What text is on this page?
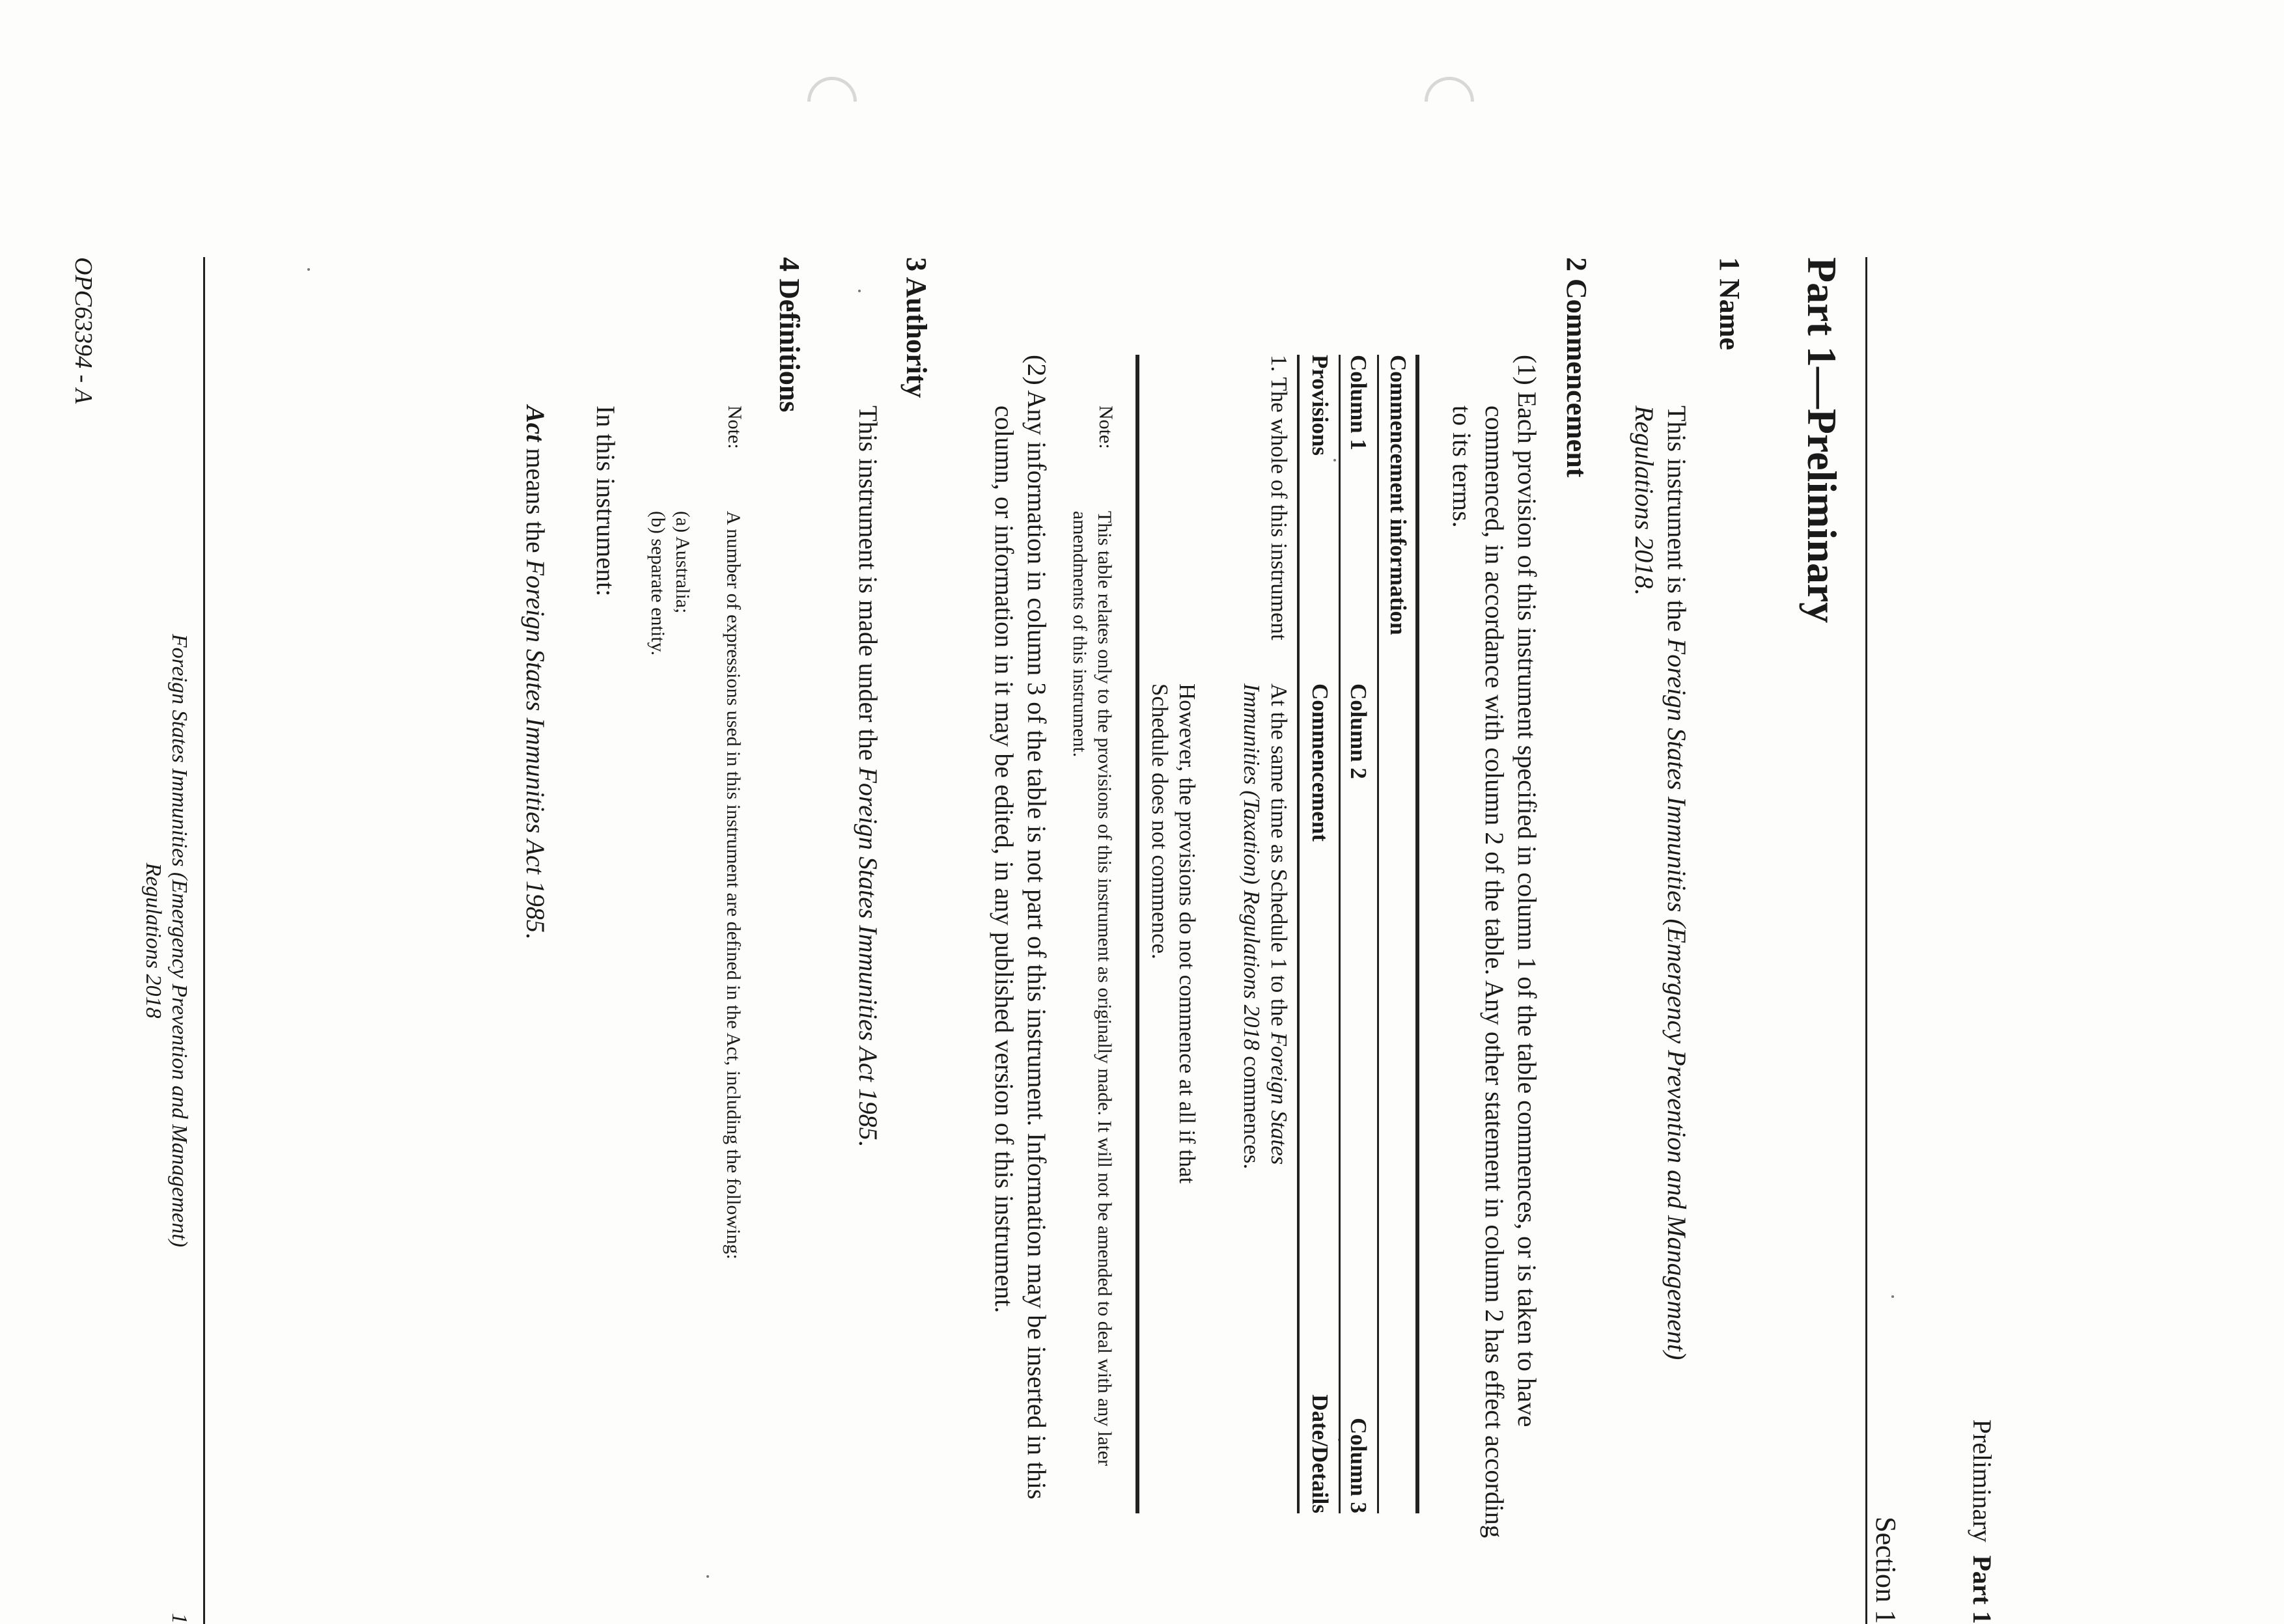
Preliminary  Part 1
Section 1
Part 1—Preliminary
1 Name
This instrument is the Foreign States Immunities (Emergency Prevention and Management) Regulations 2018.
2 Commencement
(1) Each provision of this instrument specified in column 1 of the table commences, or is taken to have commenced, in accordance with column 2 of the table. Any other statement in column 2 has effect according to its terms.
Commencement information
Column 1
Column 2
Column 3
Provisions
Commencement
Date/Details
1. The whole of this instrument
At the same time as Schedule 1 to the Foreign States Immunities (Taxation) Regulations 2018 commences.
However, the provisions do not commence at all if that Schedule does not commence.
Note:
This table relates only to the provisions of this instrument as originally made. It will not be amended to deal with any later amendments of this instrument.
(2) Any information in column 3 of the table is not part of this instrument. Information may be inserted in this column, or information in it may be edited, in any published version of this instrument.
3 Authority
This instrument is made under the Foreign States Immunities Act 1985.
4 Definitions
Note:
A number of expressions used in this instrument are defined in the Act, including the following:
(a) Australia;
(b) separate entity.
In this instrument:
Act means the Foreign States Immunities Act 1985.
Foreign States Immunities (Emergency Prevention and Management)
Regulations 2018
1
OPC63394 - A
